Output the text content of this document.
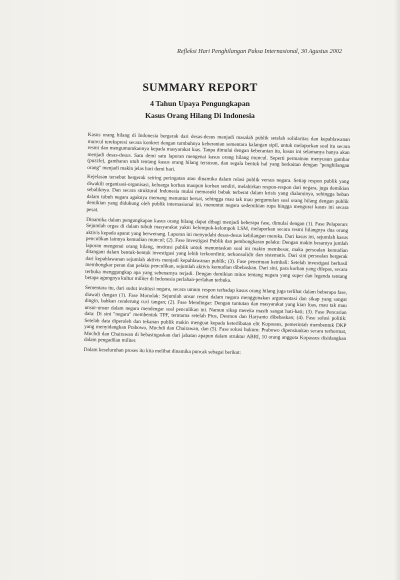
Refleksi Hari Penghilangan Paksa Internasional, 30 Agustus 2002
SUMMARY REPORT
4 Tahun Upaya Pengungkapan
Kasus Orang Hilang Di Indonesia

Kasus orang hilang di Indonesia bergerak dari desas-desus menjadi masalah publik setelah solidaritas dan kepahlawanan muncul terekspresi secara konkret dengan tumbuhnya keberanian sementara kalangan sipil, untuk melaporkan soal itu secara resmi dan mengumumkannya kepada masyarakat luas. Tanpa dimulai dengan keberanian itu, kasus ini selamanya hanya akan menjadi desas-desus. Satu demi satu laporan mengenai kasus orang hilang muncul. Seperti permainan menyusun gambar (puzzle), gambaran utuh tentang kasus orang hilang tersusun, dan segala bentuk hal yang berkaitan dengan "penghilangan orang" menjadi makin jelas hari demi hari.

Kejelasan tersebut bergerak seiring peringatan atau dinamika dalam relasi publik versus negara. Setiap respon publik yang diwakili organisasi-organisasi, keluarga korban maupun korban sendiri, melahirkan respon-respon dari negara, juga demikian sebaliknya. Dan secara struktural Indonesia mulai memasuki babak terberat dalam krisis yang dialaminya, sehingga beban dalam tubuh negara agaknya memang menuntut bersat, sehingga mau tak mau pergumulan soal orang hilang dengan publik demikian yang didukung oleh publik internasional ini, menuntut negara sedemikian rupa hingga mengurai kasus ini secara pesat.

Dinamika dalam pengungkapan kasus orang hilang dapat dibagi menjadi beberapa fase, dimulai dengan (1). Fase Pelaporan: Sejumlah orgas di dalam tubuh masyarakat yakni kelompok-kelompok LSM, melaporkan secara resmi hilangnya dua orang aktivis kepada aparat yang berwenang. Laporan ini menyudahi desas-desus kehilangan mereka. Dari kasus ini, sejumlah kasus penculikan lainnya kemudian muncul; (2). Fase Investigasi Publik dan pembongkaran pelaku: Dengan makin besarnya jumlah laporan mengenai orang hilang, institusi publik untuk menuntaskan soal ini makin membesar, maka persoalan kemudian ditangani dalam bentuk-bentuk investigasi yang lebih terkoordinir, terkonsolidir dan sistematis. Dari sini persoalan bergerak dari kepahlawanan sejumlah aktivis menjadi kepahlawanan publik; (3). Fase penemuan kembali: Setelah investigasi berhasil membongkar peran dan pelaku penculikan, sejumlah aktivis kemudian dibebaskan. Dari sini, para korban yang dilepas, secara terbuka menggungkap apa yang sebenarnya terjadi. Dengan demikian mitos tentang negara yang super dan legenda tentang betapa agungnya kultur militer di Indonesia perlahan-perlahan terbuka.

Sementara itu, dari sudut institusi negara, secara umum respon terhadap kasus orang hilang juga terlihat dalam beberapa fase, diawali dengan (1). Fase Monolak: Sejumlah unsur resmi dalam negara menggunakan argumentasi dan sikap yang sangat dingin, bahkan cenderung cuci tangan; (2). Fase Mendingar: Dengan tuntutan dan masyarakat yang kian luas, mau tak mau unsur-unsur dalam negara mendengar soal penculikan ini. Namun sikap mereka masih sangat hati-hati; (3). Fase Pencarian data: Di sini "negara" membentuk TPF, terutama setelah Pius, Desmon dan Haryanto dibebaskan; (4). Fase solusi politik: Setelah data diperoleh dan tekanan publik makin menguat kepada keterlibatan elit Kopassus, pemerintah membentuk DKP yang menyidangkan Prabowo, Muchdi dan Chairawan, dan (5). Fase solusi hukum: Prabowo dipensiunkan secara terhormat, Muchdi dan Chairawan di bebastugaskan dari jabatan apapun dalam struktur ABRI, 10 orang anggota Kopassus disidangkan dalam pengadilan militer.

Dalam keseluruhan proses itu kita melihat dinamika puncak sebagai berikut:
